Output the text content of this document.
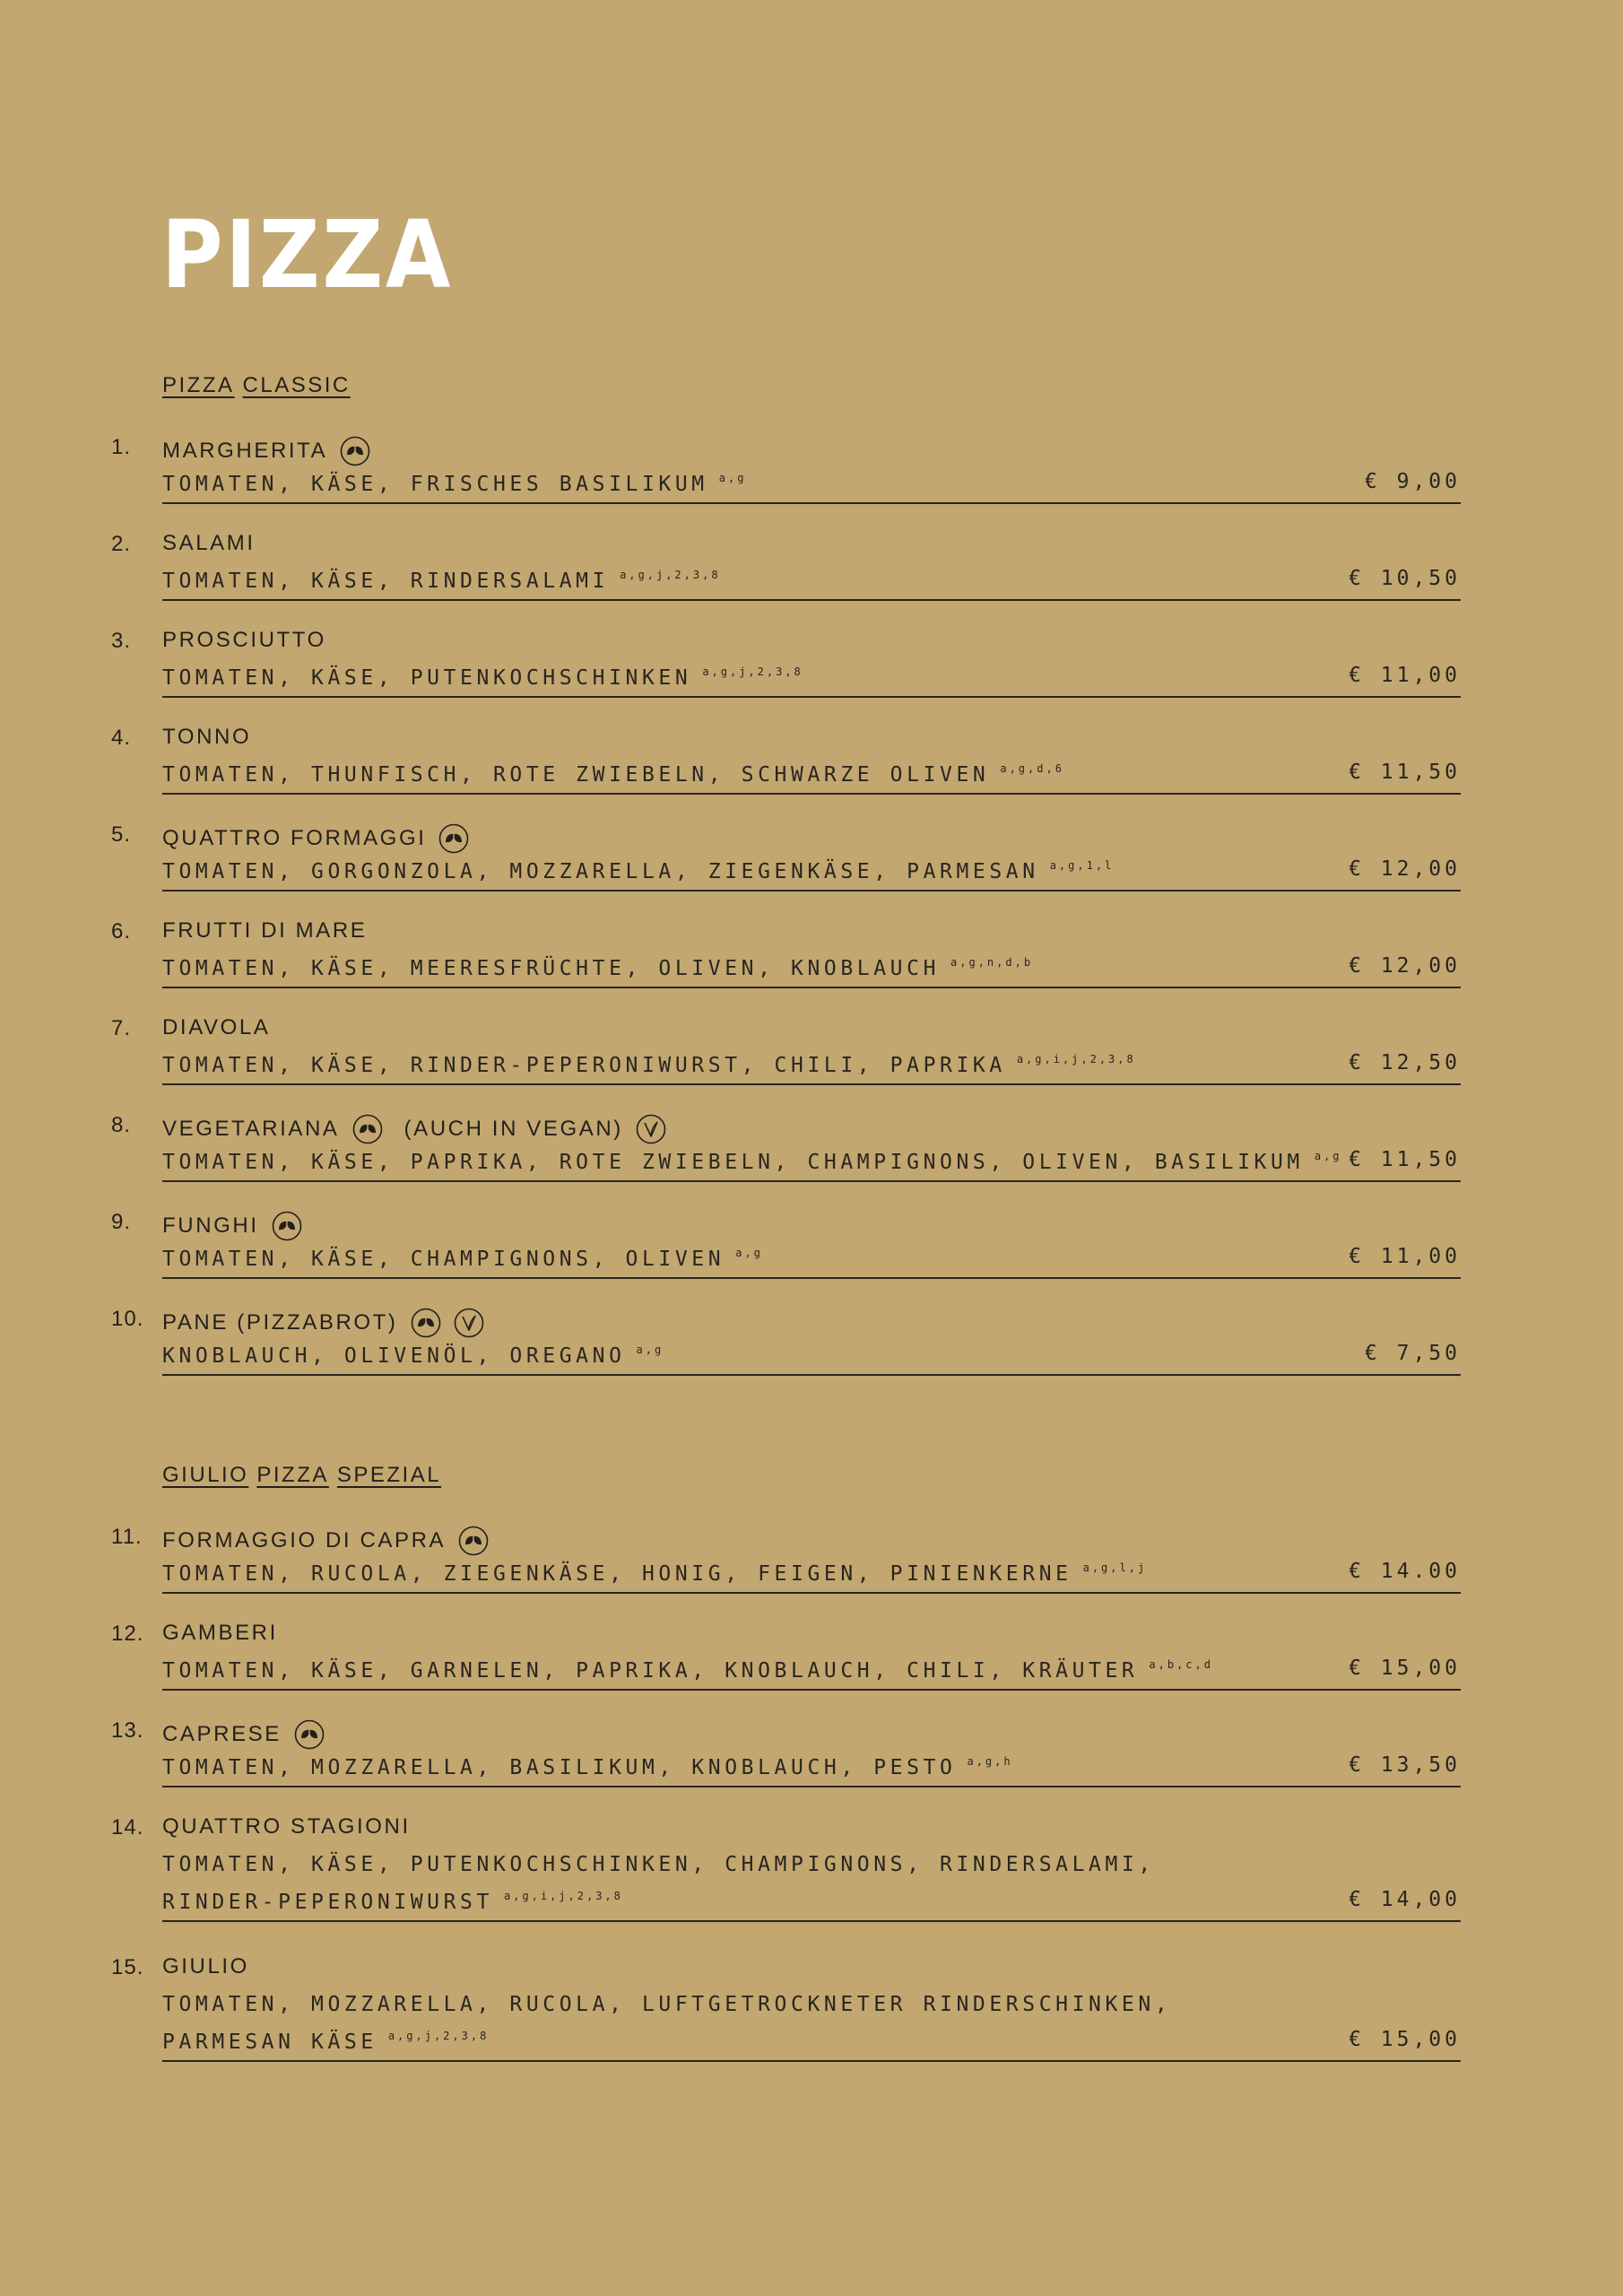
PIZZA
PIZZA CLASSIC
1. MARGHERITA
TOMATEN, KÄSE, FRISCHES BASILIKUM $^{a,g}$	€ 9,00
2. SALAMI
TOMATEN, KÄSE, RINDERSALAMI $^{a,g,j,2,3,8}$	€ 10,50
3. PROSCIUTTO
TOMATEN, KÄSE, PUTENKOCHSCHINKEN $^{a,g,j,2,3,8}$	€ 11,00
4. TONNO
TOMATEN, THUNFISCH, ROTE ZWIEBELN, SCHWARZE OLIVEN $^{a,g,d,6}$	€ 11,50
5. QUATTRO FORMAGGI
TOMATEN, GORGONZOLA, MOZZARELLA, ZIEGENKÄSE, PARMESAN $^{a,g,1,l}$	€ 12,00
6. FRUTTI DI MARE
TOMATEN, KÄSE, MEERESFRÜCHTE, OLIVEN, KNOBLAUCH $^{a,g,n,d,b}$	€ 12,00
7. DIAVOLA
TOMATEN, KÄSE, RINDER-PEPERONIWURST, CHILI, PAPRIKA $^{a,g,i,j,2,3,8}$	€ 12,50
8. VEGETARIANA	(AUCH IN VEGAN)
TOMATEN, KÄSE, PAPRIKA, ROTE ZWIEBELN, CHAMPIGNONS, OLIVEN, BASILIKUM $^{a,g}$ € 11,50
9. FUNGHI
TOMATEN, KÄSE, CHAMPIGNONS, OLIVEN $^{a,g}$	€ 11,00
10. PANE (PIZZABROT)
KNOBLAUCH, OLIVENÖL, OREGANO $^{a,g}$	€ 7,50
GIULIO PIZZA SPEZIAL
11. FORMAGGIO DI CAPRA
TOMATEN, RUCOLA, ZIEGENKÄSE, HONIG, FEIGEN, PINIENKERNE $^{a,g,l,j}$	€ 14.00
12. GAMBERI
TOMATEN, KÄSE, GARNELEN, PAPRIKA, KNOBLAUCH, CHILI, KRÄUTER $^{a,b,c,d}$	€ 15,00
13. CAPRESE
TOMATEN, MOZZARELLA, BASILIKUM, KNOBLAUCH, PESTO $^{a,g,h}$	€ 13,50
14. QUATTRO STAGIONI
TOMATEN, KÄSE, PUTENKOCHSCHINKEN, CHAMPIGNONS, RINDERSALAMI,
RINDER-PEPERONIWURST $^{a,g,i,j,2,3,8}$	€ 14,00
15. GIULIO
TOMATEN, MOZZARELLA, RUCOLA, LUFTGETROCKNETER RINDERSCHINKEN,
PARMESAN KÄSE $^{a,g,j,2,3,8}$	€ 15,00
